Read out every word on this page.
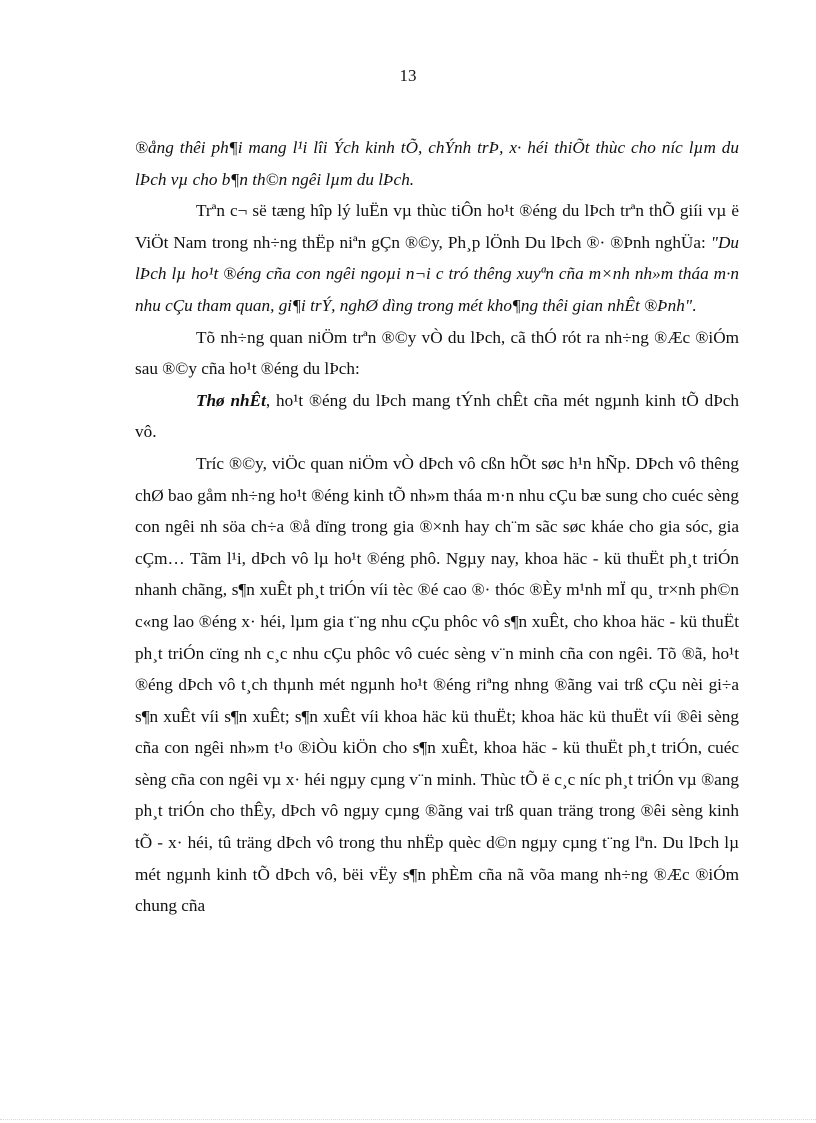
13

®ång thêi ph¶i mang l¹i lîi Ých kinh tÕ, chÝnh trÞ, x· héi thiÕt thùc cho níc lµm du lÞch vµ cho b¶n th©n ngêi lµm du lÞch.

Trªn c¬ së tæng hîp lý luËn vµ thùc tiÔn ho¹t ®éng du lÞch trªn thÕ giíi vµ ë ViÖt Nam trong nh÷ng thËp niªn gÇn ®©y, Ph¸p lÖnh Du lÞch ®· ®Þnh nghÜa: "Du lÞch lµ ho¹t ®éng cña con ngêi ngoµi n¬i c tró thêng xuyªn cña m×nh nh»m tháa m·n nhu cÇu tham quan, gi¶i trÝ, nghØ dìng trong mét kho¶ng thêi gian nhÊt ®Þnh".

Tõ nh÷ng quan niÖm trªn ®©y vÒ du lÞch, cã thÓ rót ra nh÷ng ®Æc ®iÓm sau ®©y cña ho¹t ®éng du lÞch:

Thø nhÊt, ho¹t ®éng du lÞch mang tÝnh chÊt cña mét ngµnh kinh tÕ dÞch vô.

Tríc ®©y, viÖc quan niÖm vÒ dÞch vô cßn hÕt søc h¹n hÑp. DÞch vô thêng chØ bao gåm nh÷ng ho¹t ®éng kinh tÕ nh»m tháa m·n nhu cÇu bæ sung cho cuéc sèng con ngêi nh söa ch÷a ®å dïng trong gia ®×nh hay ch¨m sãc søc kháe cho gia sóc, gia cÇm… Tãm l¹i, dÞch vô lµ ho¹t ®éng phô. Ngµy nay, khoa häc - kü thuËt ph¸t triÓn nhanh chãng, s¶n xuÊt ph¸t triÓn víi tèc ®é cao ®· thóc ®Èy m¹nh mÏ qu¸ tr×nh ph©n c«ng lao ®éng x· héi, lµm gia t¨ng nhu cÇu phôc vô s¶n xuÊt, cho khoa häc - kü thuËt ph¸t triÓn cïng nh c¸c nhu cÇu phôc vô cuéc sèng v¨n minh cña con ngêi. Tõ ®ã, ho¹t ®éng dÞch vô t¸ch thµnh mét ngµnh ho¹t ®éng riªng nhng ®ãng vai trß cÇu nèi gi÷a s¶n xuÊt víi s¶n xuÊt; s¶n xuÊt víi khoa häc kü thuËt; khoa häc kü thuËt víi ®êi sèng cña con ngêi nh»m t¹o ®iÒu kiÖn cho s¶n xuÊt, khoa häc - kü thuËt ph¸t triÓn, cuéc sèng cña con ngêi vµ x· héi ngµy cµng v¨n minh. Thùc tÕ ë c¸c níc ph¸t triÓn vµ ®ang ph¸t triÓn cho thÊy, dÞch vô ngµy cµng ®ãng vai trß quan träng trong ®êi sèng kinh tÕ - x· héi, tû träng dÞch vô trong thu nhËp quèc d©n ngµy cµng t¨ng lªn. Du lÞch lµ mét ngµnh kinh tÕ dÞch vô, bëi vËy s¶n phÈm cña nã võa mang nh÷ng ®Æc ®iÓm chung cña
